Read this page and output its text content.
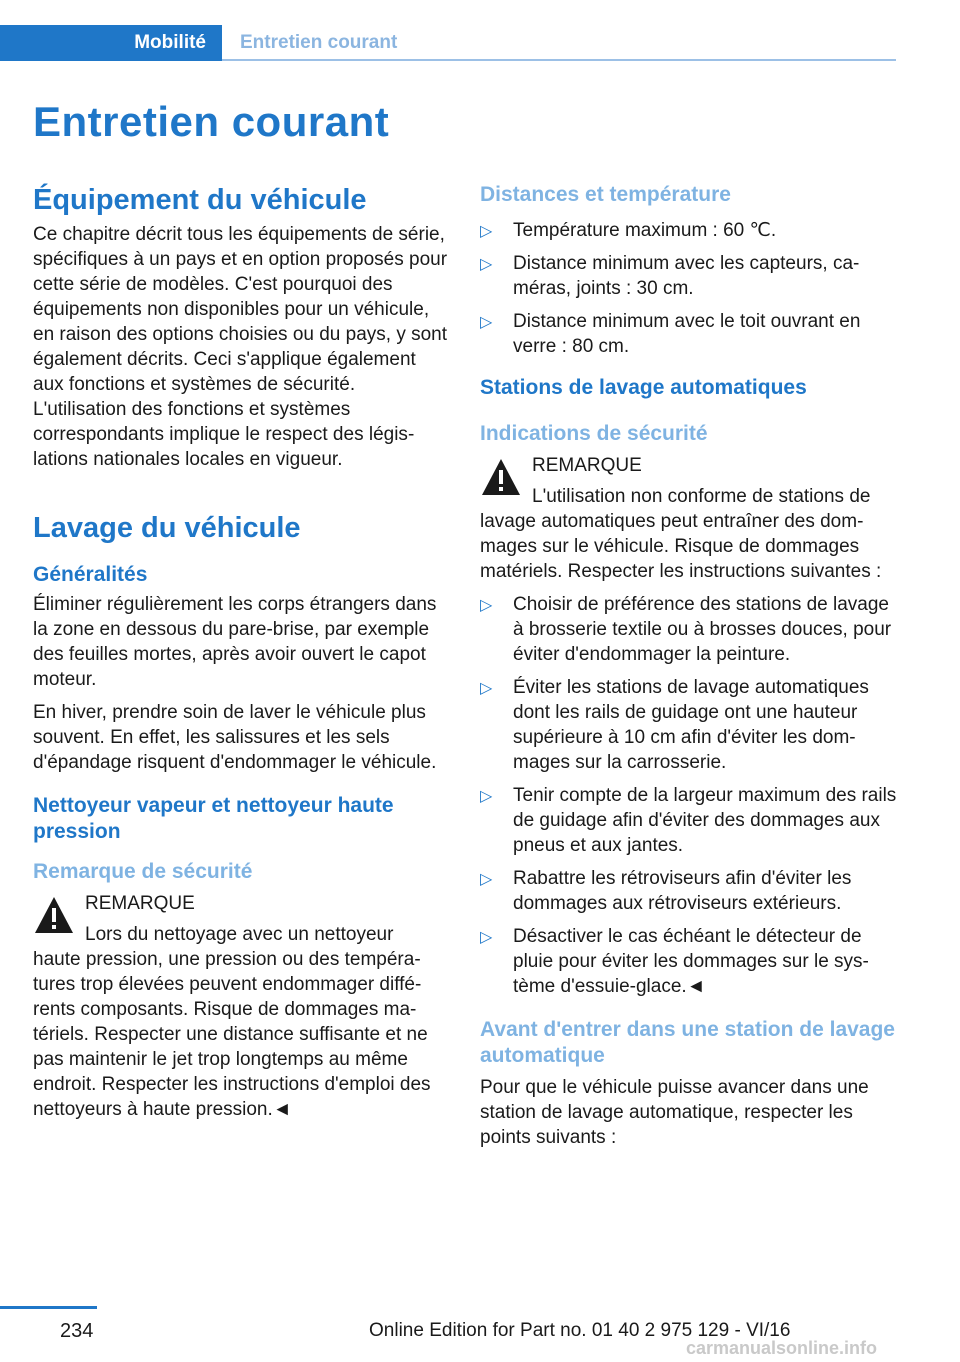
Mobilité	Entretien courant
Entretien courant
Équipement du véhicule

Ce chapitre décrit tous les équipements de série, spécifiques à un pays et en option proposés pour cette série de modèles. C'est pourquoi des équipements non disponibles pour un véhicule, en raison des options choisies ou du pays, y sont également décrits. Ceci s'applique également aux fonctions et systèmes de sécurité. L'utilisation des fonctions et systèmes correspondants implique le respect des législations nationales locales en vigueur.

Lavage du véhicule
Généralités

Éliminer régulièrement les corps étrangers dans la zone en dessous du pare-brise, par exemple des feuilles mortes, après avoir ouvert le capot moteur.

En hiver, prendre soin de laver le véhicule plus souvent. En effet, les salissures et les sels d'épandage risquent d'endommager le véhicule.

Nettoyeur vapeur et nettoyeur haute pression
Remarque de sécurité
REMARQUE

Lors du nettoyage avec un nettoyeur
haute pression, une pression ou des températures trop élevées peuvent endommager différents composants. Risque de dommages matériels. Respecter une distance suffisante et ne pas maintenir le jet trop longtemps au même endroit. Respecter les instructions d'emploi des nettoyeurs à haute pression.◄

Distances et température
▷ Température maximum : 60 ℃.
▷ Distance minimum avec les capteurs, caméras, joints : 30 cm.
▷ Distance minimum avec le toit ouvrant en verre : 80 cm.
Stations de lavage automatiques
Indications de sécurité
REMARQUE

L'utilisation non conforme de stations de
lavage automatiques peut entraîner des dommages sur le véhicule. Risque de dommages matériels. Respecter les instructions suivantes :

▷ Choisir de préférence des stations de lavage à brosserie textile ou à brosses douces, pour éviter d'endommager la peinture.
▷ Éviter les stations de lavage automatiques dont les rails de guidage ont une hauteur supérieure à 10 cm afin d'éviter les dommages sur la carrosserie.
▷ Tenir compte de la largeur maximum des rails de guidage afin d'éviter des dommages aux pneus et aux jantes.
▷ Rabattre les rétroviseurs afin d'éviter les dommages aux rétroviseurs extérieurs.
▷ Désactiver le cas échéant le détecteur de pluie pour éviter les dommages sur le système d'essuie-glace.◄
Avant d'entrer dans une station de lavage automatique

Pour que le véhicule puisse avancer dans une station de lavage automatique, respecter les points suivants :

234	Online Edition for Part no. 01 40 2 975 129 - VI/16
carmanualsonline.info
